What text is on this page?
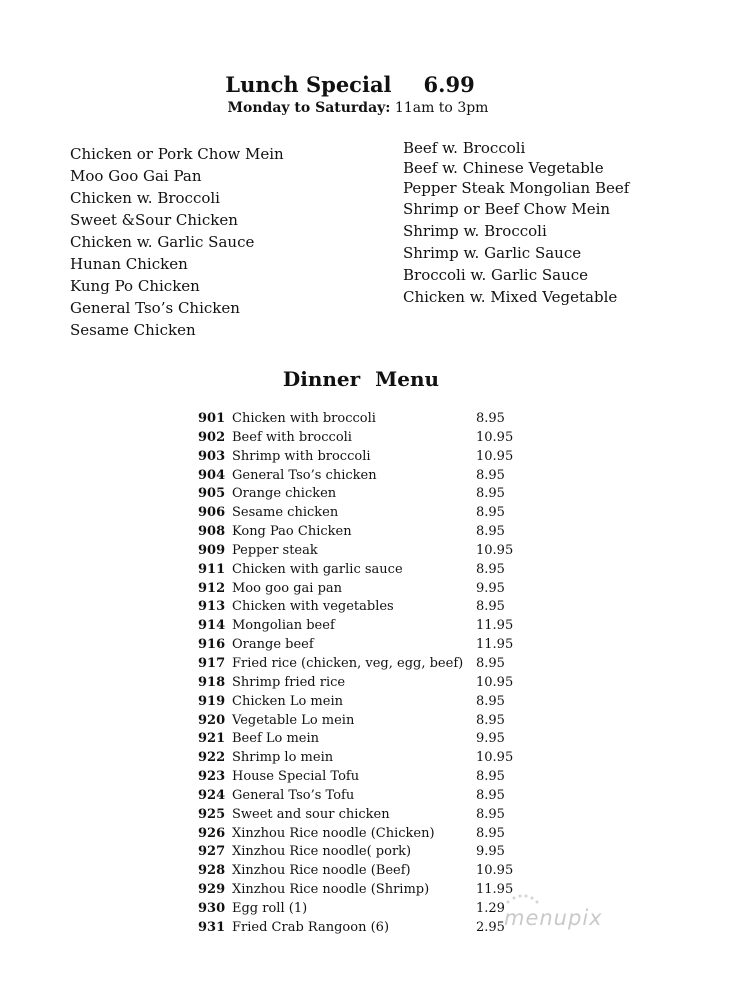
Lunch Special 6.99
Monday to Saturday: 11am to 3pm
Chicken or Pork Chow Mein
Moo Goo Gai Pan
Chicken w. Broccoli
Sweet &Sour Chicken
Chicken w. Garlic Sauce
Hunan Chicken
Kung Po Chicken
General Tso’s Chicken
Sesame Chicken
Beef w. Broccoli
Beef w. Chinese Vegetable
Pepper Steak Mongolian Beef
Shrimp or Beef Chow Mein
Shrimp w. Broccoli
Shrimp w. Garlic Sauce
Broccoli w. Garlic Sauce
Chicken w. Mixed Vegetable
Dinner Menu
901 Chicken with broccoli	8.95
902 Beef with broccoli	10.95
903 Shrimp with broccoli	10.95
904 General Tso’s chicken	8.95
905 Orange chicken	8.95
906 Sesame chicken	8.95
908 Kong Pao Chicken	8.95
909 Pepper steak	10.95
911 Chicken with garlic sauce	8.95
912 Moo goo gai pan	9.95
913 Chicken with vegetables	8.95
914 Mongolian beef	11.95
916 Orange beef	11.95
917 Fried rice (chicken, veg, egg, beef) 8.95
918 Shrimp fried rice	10.95
919 Chicken Lo mein	8.95
920 Vegetable Lo mein	8.95
921 Beef Lo mein	9.95
922 Shrimp lo mein	10.95
923 House Special Tofu	8.95
924 General Tso’s Tofu	8.95
925 Sweet and sour chicken	8.95
926 Xinzhou Rice noodle (Chicken)	8.95
927 Xinzhou Rice noodle( pork)	9.95
928 Xinzhou Rice noodle (Beef)	10.95
929 Xinzhou Rice noodle (Shrimp)	11.95
930 Egg roll (1)	1.29
931 Fried Crab Rangoon (6)	2.95 menupix
